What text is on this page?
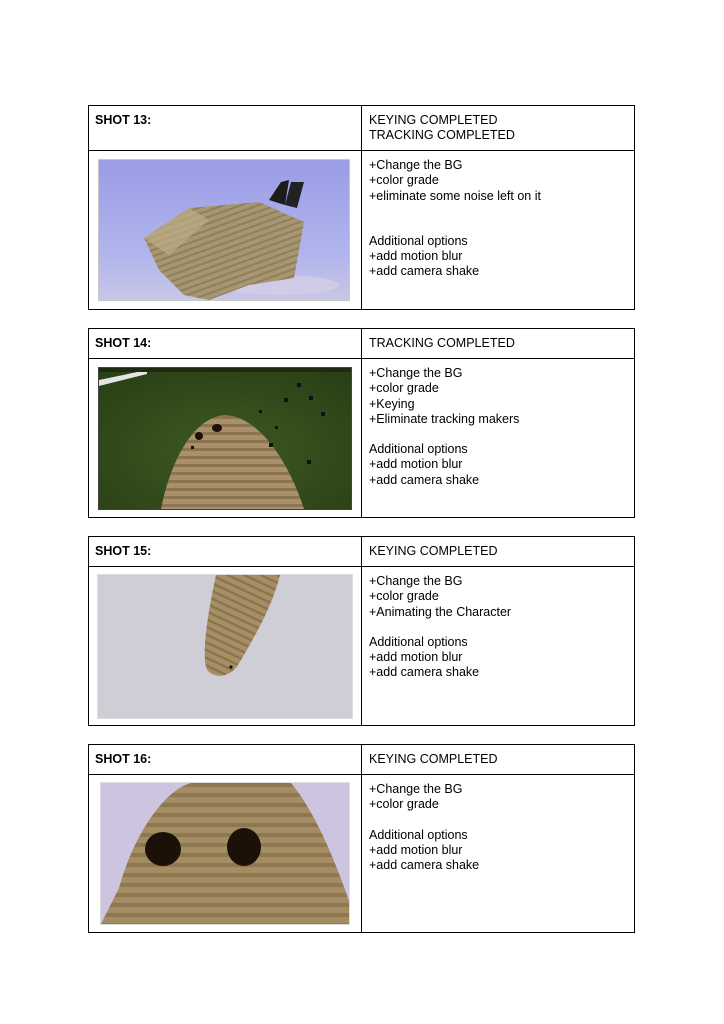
SHOT 13:	KEYING COMPLETED
TRACKING COMPLETED
+Change the BG
+color grade
+eliminate some noise left on it
Additional options
+add motion blur
+add camera shake
SHOT 14:	TRACKING COMPLETED
+Change the BG
+color grade
+Keying
+Eliminate tracking makers
Additional options
+add motion blur
+add camera shake
SHOT 15:	KEYING COMPLETED
+Change the BG
+color grade
+Animating the Character
Additional options
+add motion blur
+add camera shake
SHOT 16:	KEYING COMPLETED
+Change the BG
+color grade
Additional options
+add motion blur
+add camera shake
